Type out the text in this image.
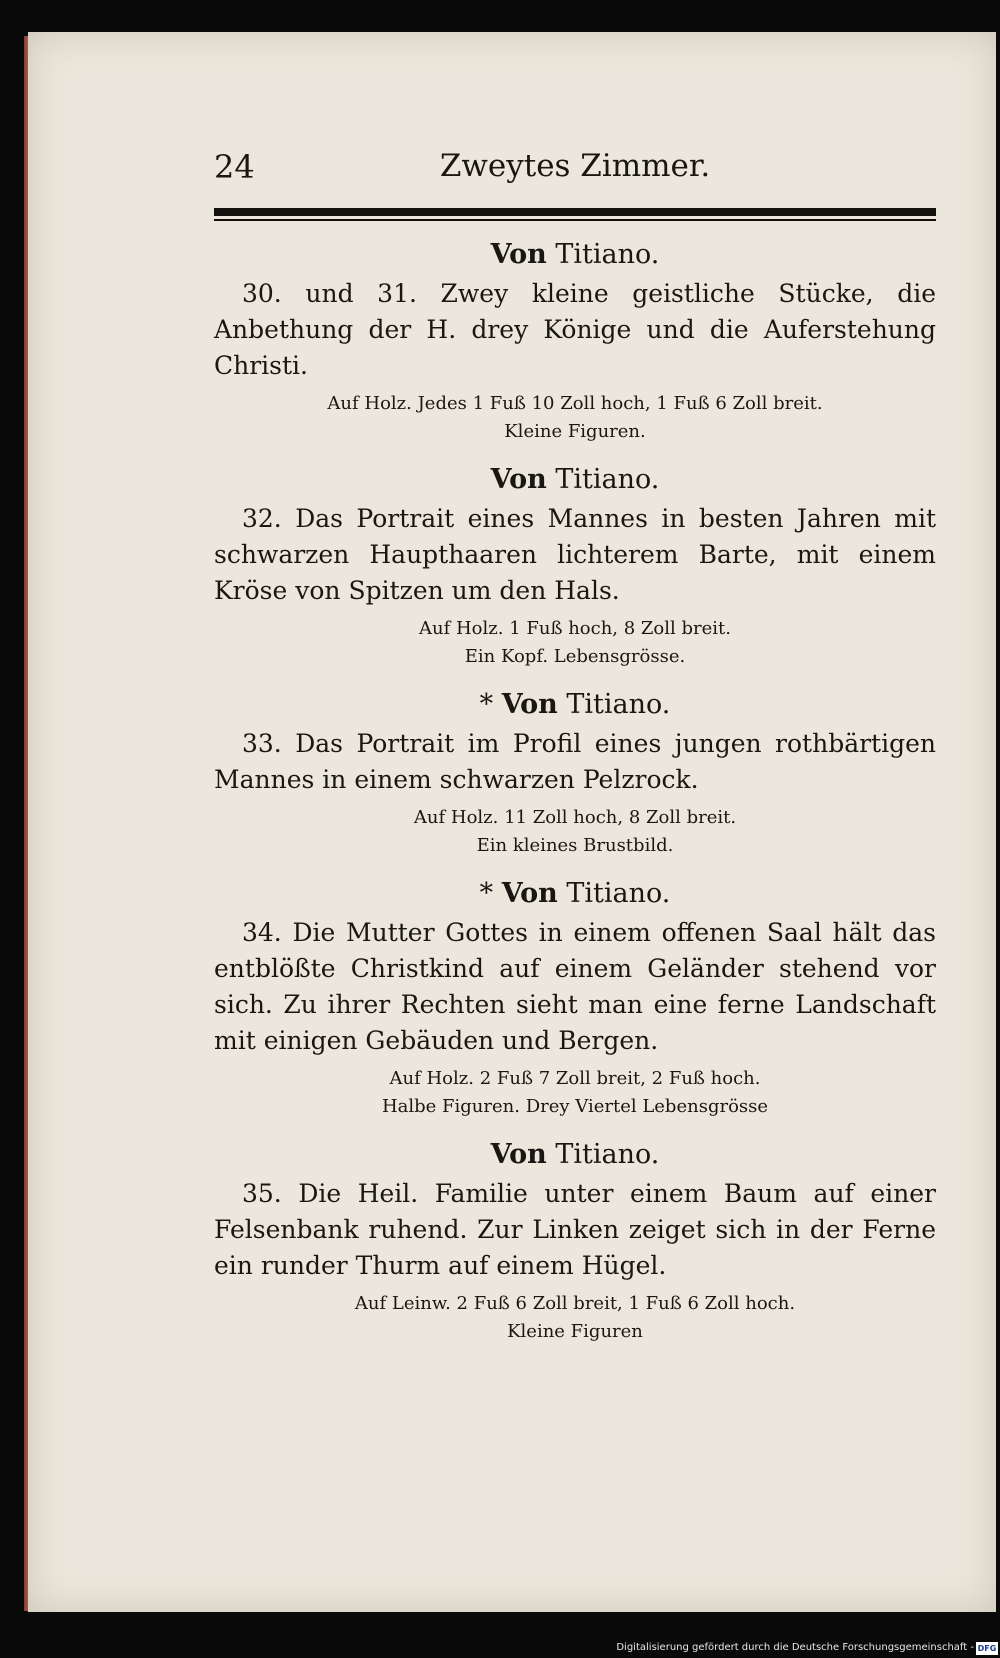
24	Zweytes Zimmer.
Von Titiano.
30. und 31. Zwey kleine geistliche Stücke, die Anbethung der H. drey Könige und die Auferstehung Christi.
Auf Holz. Jedes 1 Fuß 10 Zoll hoch, 1 Fuß 6 Zoll breit.
Kleine Figuren.
Von Titiano.
32. Das Portrait eines Mannes in besten Jahren mit schwarzen Haupthaaren lichterem Barte, mit einem Kröse von Spitzen um den Hals.
Auf Holz. 1 Fuß hoch, 8 Zoll breit.
Ein Kopf. Lebensgrösse.
* Von Titiano.
33. Das Portrait im Profil eines jungen rothbärtigen Mannes in einem schwarzen Pelzrock.
Auf Holz. 11 Zoll hoch, 8 Zoll breit.
Ein kleines Brustbild.
* Von Titiano.
34. Die Mutter Gottes in einem offenen Saal hält das entblößte Christkind auf einem Geländer stehend vor sich. Zu ihrer Rechten sieht man eine ferne Landschaft mit einigen Gebäuden und Bergen.
Auf Holz. 2 Fuß 7 Zoll breit, 2 Fuß hoch.
Halbe Figuren. Drey Viertel Lebensgrösse
Von Titiano.
35. Die Heil. Familie unter einem Baum auf einer Felsenbank ruhend. Zur Linken zeiget sich in der Ferne ein runder Thurm auf einem Hügel.
Auf Leinw. 2 Fuß 6 Zoll breit, 1 Fuß 6 Zoll hoch.
Kleine Figuren
Digitalisierung gefördert durch die Deutsche Forschungsgemeinschaft - DFG
